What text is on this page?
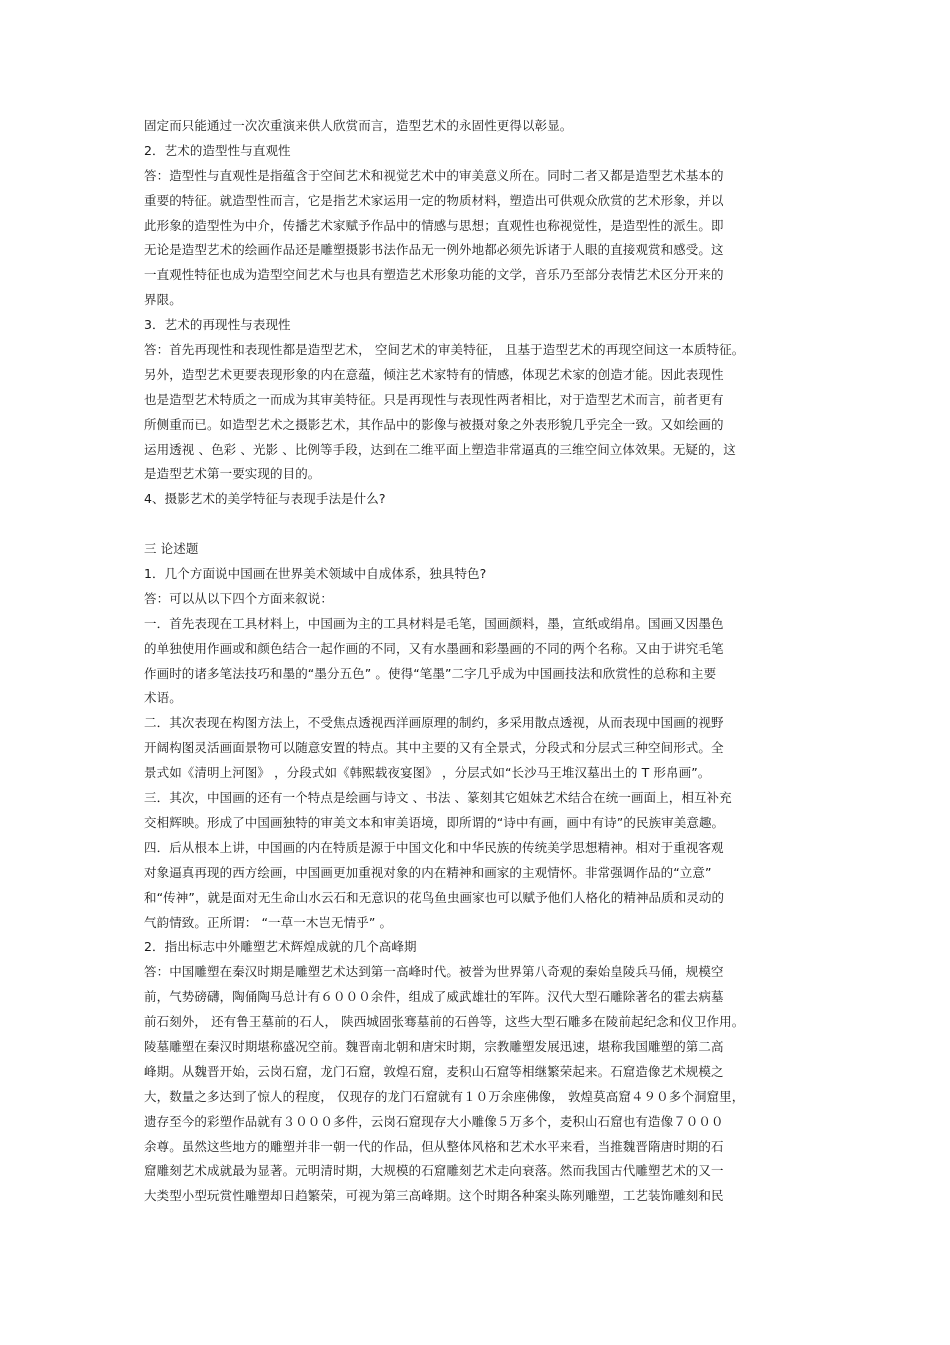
固定而只能通过一次次重演来供人欣赏而言，造型艺术的永固性更得以彰显。
2．艺术的造型性与直观性
答：造型性与直观性是指蕴含于空间艺术和视觉艺术中的审美意义所在。同时二者又都是造型艺术基本的
重要的特征。就造型性而言，它是指艺术家运用一定的物质材料，塑造出可供观众欣赏的艺术形象，并以
此形象的造型性为中介，传播艺术家赋予作品中的情感与思想；直观性也称视觉性，是造型性的派生。即
无论是造型艺术的绘画作品还是雕塑摄影书法作品无一例外地都必须先诉诸于人眼的直接观赏和感受。这
一直观性特征也成为造型空间艺术与也具有塑造艺术形象功能的文学，音乐乃至部分表情艺术区分开来的
界限。
3．艺术的再现性与表现性
答：首先再现性和表现性都是造型艺术， 空间艺术的审美特征， 且基于造型艺术的再现空间这一本质特征。
另外，造型艺术更要表现形象的内在意蕴，倾注艺术家特有的情感，体现艺术家的创造才能。因此表现性
也是造型艺术特质之一而成为其审美特征。只是再现性与表现性两者相比，对于造型艺术而言，前者更有
所侧重而已。如造型艺术之摄影艺术，其作品中的影像与被摄对象之外表形貌几乎完全一致。又如绘画的
运用透视 、色彩 、光影 、比例等手段，达到在二维平面上塑造非常逼真的三维空间立体效果。无疑的，这
是造型艺术第一要实现的目的。
4、摄影艺术的美学特征与表现手法是什么?
三 论述题
1．几个方面说中国画在世界美术领域中自成体系，独具特色?
答：可以从以下四个方面来叙说：
一．首先表现在工具材料上，中国画为主的工具材料是毛笔，国画颜料，墨，宣纸或绢帛。国画又因墨色
的单独使用作画或和颜色结合一起作画的不同，又有水墨画和彩墨画的不同的两个名称。又由于讲究毛笔
作画时的诸多笔法技巧和墨的“墨分五色” 。使得“笔墨”二字几乎成为中国画技法和欣赏性的总称和主要
术语。
二．其次表现在构图方法上，不受焦点透视西洋画原理的制约，多采用散点透视，从而表现中国画的视野
开阔构图灵活画面景物可以随意安置的特点。其中主要的又有全景式，分段式和分层式三种空间形式。全
景式如《清明上河图》 ，分段式如《韩熙载夜宴图》 ，分层式如“长沙马王堆汉墓出土的 T 形帛画”。
三．其次，中国画的还有一个特点是绘画与诗文 、书法 、篆刻其它姐妹艺术结合在统一画面上，相互补充
交相辉映。形成了中国画独特的审美文本和审美语境，即所谓的“诗中有画，画中有诗”的民族审美意趣。
四．后从根本上讲，中国画的内在特质是源于中国文化和中华民族的传统美学思想精神。相对于重视客观
对象逼真再现的西方绘画，中国画更加重视对象的内在精神和画家的主观情怀。非常强调作品的“立意”
和“传神”，就是面对无生命山水云石和无意识的花鸟鱼虫画家也可以赋予他们人格化的精神品质和灵动的
气韵情致。正所谓： “一草一木岂无情乎” 。
2．指出标志中外雕塑艺术辉煌成就的几个高峰期
答：中国雕塑在秦汉时期是雕塑艺术达到第一高峰时代。被誉为世界第八奇观的秦始皇陵兵马俑，规模空
前，气势磅礴，陶俑陶马总计有６０００余件，组成了威武雄壮的军阵。汉代大型石雕除著名的霍去病墓
前石刻外， 还有鲁王墓前的石人， 陕西城固张骞墓前的石兽等，这些大型石雕多在陵前起纪念和仪卫作用。
陵墓雕塑在秦汉时期堪称盛况空前。魏晋南北朝和唐宋时期，宗教雕塑发展迅速，堪称我国雕塑的第二高
峰期。从魏晋开始，云岗石窟，龙门石窟，敦煌石窟，麦积山石窟等相继繁荣起来。石窟造像艺术规模之
大，数量之多达到了惊人的程度， 仅现存的龙门石窟就有１０万余座佛像， 敦煌莫高窟４９０多个洞窟里，
遗存至今的彩塑作品就有３０００多件，云岗石窟现存大小雕像５万多个，麦积山石窟也有造像７０００
余尊。虽然这些地方的雕塑并非一朝一代的作品，但从整体风格和艺术水平来看，当推魏晋隋唐时期的石
窟雕刻艺术成就最为显著。元明清时期，大规模的石窟雕刻艺术走向衰落。然而我国古代雕塑艺术的又一
大类型小型玩赏性雕塑却日趋繁荣，可视为第三高峰期。这个时期各种案头陈列雕塑，工艺装饰雕刻和民
